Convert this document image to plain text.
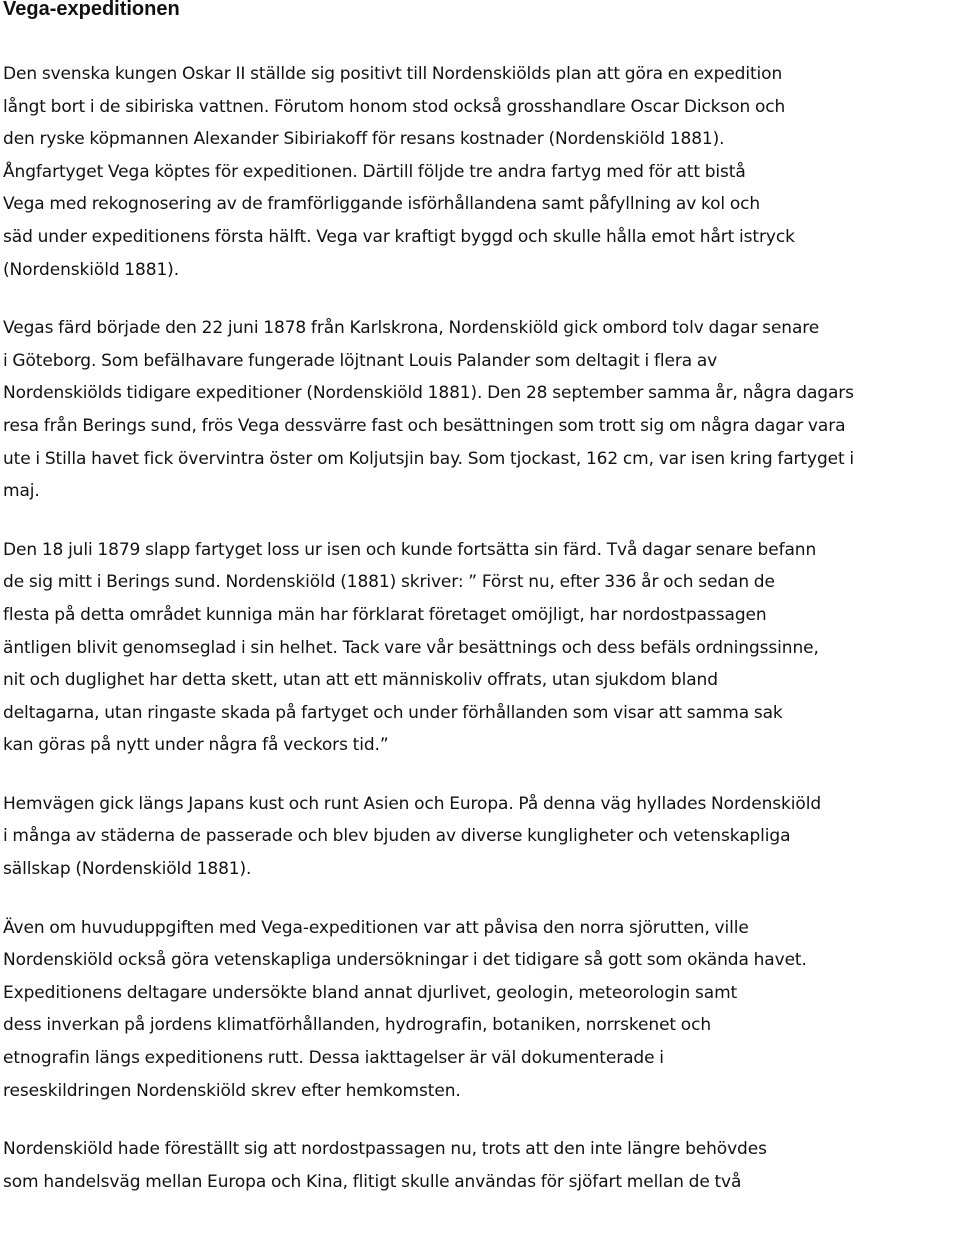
Vega-expeditionen
Den svenska kungen Oskar II ställde sig positivt till Nordenskiölds plan att göra en expedition
långt bort i de sibiriska vattnen. Förutom honom stod också grosshandlare Oscar Dickson och
den ryske köpmannen Alexander Sibiriakoff för resans kostnader (Nordenskiöld 1881).
Ångfartyget Vega köptes för expeditionen. Därtill följde tre andra fartyg med för att bistå
Vega med rekognosering av de framförliggande isförhållandena samt påfyllning av kol och
säd under expeditionens första hälft. Vega var kraftigt byggd och skulle hålla emot hårt istryck
(Nordenskiöld 1881).
Vegas färd började den 22 juni 1878 från Karlskrona, Nordenskiöld gick ombord tolv dagar senare
i Göteborg. Som befälhavare fungerade löjtnant Louis Palander som deltagit i flera av
Nordenskiölds tidigare expeditioner (Nordenskiöld 1881). Den 28 september samma år, några dagars
resa från Berings sund, frös Vega dessvärre fast och besättningen som trott sig om några dagar vara
ute i Stilla havet fick övervintra öster om Koljutsjin bay. Som tjockast, 162 cm, var isen kring fartyget i
maj.
Den 18 juli 1879 slapp fartyget loss ur isen och kunde fortsätta sin färd. Två dagar senare befann
de sig mitt i Berings sund. Nordenskiöld (1881) skriver: ” Först nu, efter 336 år och sedan de
flesta på detta området kunniga män har förklarat företaget omöjligt, har nordostpassagen
äntligen blivit genomseglad i sin helhet. Tack vare vår besättnings och dess befäls ordningssinne,
nit och duglighet har detta skett, utan att ett människoliv offrats, utan sjukdom bland
deltagarna, utan ringaste skada på fartyget och under förhållanden som visar att samma sak
kan göras på nytt under några få veckors tid.”
Hemvägen gick längs Japans kust och runt Asien och Europa. På denna väg hyllades Nordenskiöld
i många av städerna de passerade och blev bjuden av diverse kungligheter och vetenskapliga
sällskap (Nordenskiöld 1881).
Även om huvuduppgiften med Vega-expeditionen var att påvisa den norra sjörutten, ville
Nordenskiöld också göra vetenskapliga undersökningar i det tidigare så gott som okända havet.
Expeditionens deltagare undersökte bland annat djurlivet, geologin, meteorologin samt
dess inverkan på jordens klimatförhållanden, hydrografin, botaniken, norrskenet och
etnografin längs expeditionens rutt. Dessa iakttagelser är väl dokumenterade i
reseskildringen Nordenskiöld skrev efter hemkomsten.
Nordenskiöld hade föreställt sig att nordostpassagen nu, trots att den inte längre behövdes
som handelsväg mellan Europa och Kina, flitigt skulle användas för sjöfart mellan de två
